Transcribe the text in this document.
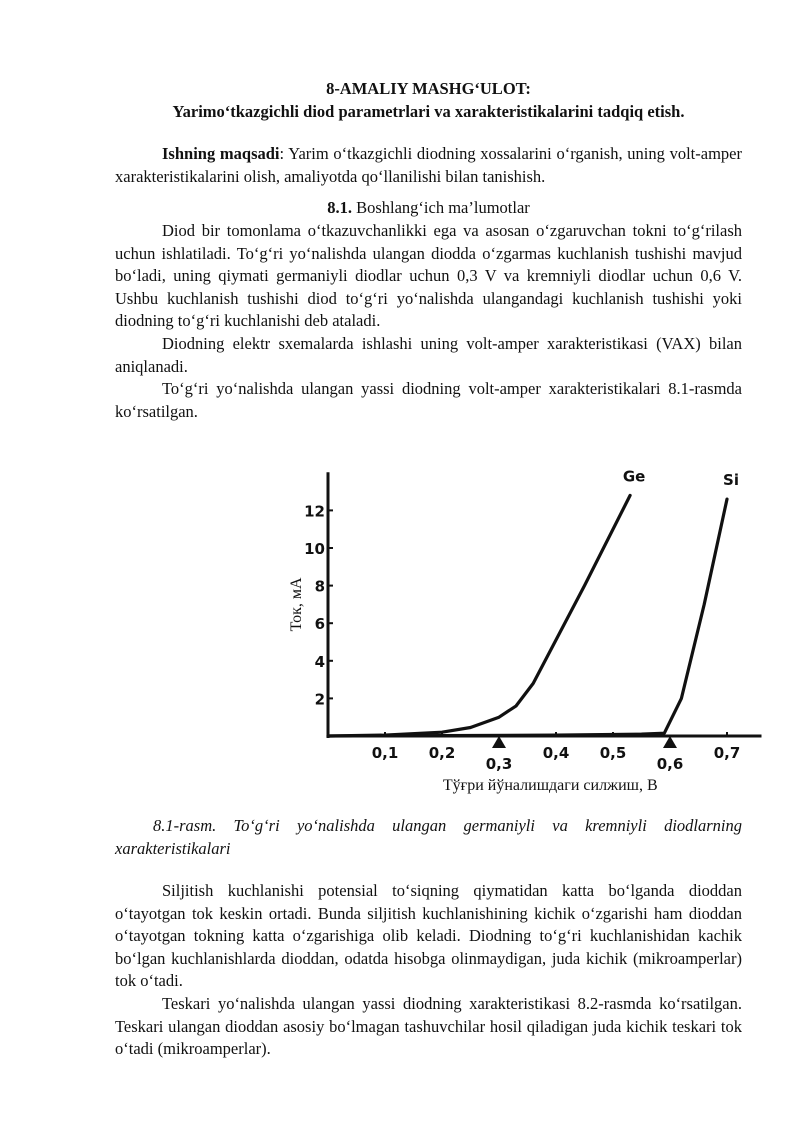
8-AMALIY MASHG‘ULOT:

Yarimo‘tkazgichli diod parametrlari va xarakteristikalarini tadqiq etish.

Ishning maqsadi: Yarim o‘tkazgichli diodning xossalarini o‘rganish, uning volt-amper xarakteristikalarini olish, amaliyotda qo‘llanilishi bilan tanishish.

8.1. Boshlang‘ich ma’lumotlar

Diod bir tomonlama o‘tkazuvchanlikki ega va asosan o‘zgaruvchan tokni to‘g‘rilash uchun ishlatiladi. To‘g‘ri yo‘nalishda ulangan diodda o‘zgarmas kuchlanish tushishi mavjud bo‘ladi, uning qiymati germaniyli diodlar uchun 0,3 V va kremniyli diodlar uchun 0,6 V. Ushbu kuchlanish tushishi diod to‘g‘ri yo‘nalishda ulangandagi kuchlanish tushishi yoki diodning to‘g‘ri kuchlanishi deb ataladi.

Diodning elektr sxemalarda ishlashi uning volt-amper xarakteristikasi (VAX) bilan aniqlanadi.

To‘g‘ri yo‘nalishda ulangan yassi diodning volt-amper xarakteristikalari 8.1-rasmda ko‘rsatilgan.

2
4
6
8
10
12
0,1 0,2
0,3
0,4 0,5
0,6
0,7
Ge	Si
Ток, мА
Тўғри йўналишдаги силжиш, В

8.1-rasm. To‘g‘ri yo‘nalishda ulangan germaniyli va kremniyli diodlarning xarakteristikalari

Siljitish kuchlanishi potensial to‘siqning qiymatidan katta bo‘lganda dioddan o‘tayotgan tok keskin ortadi. Bunda siljitish kuchlanishining kichik o‘zgarishi ham dioddan o‘tayotgan tokning katta o‘zgarishiga olib keladi. Diodning to‘g‘ri kuchlanishidan kachik bo‘lgan kuchlanishlarda dioddan, odatda hisobga olinmaydigan, juda kichik (mikroamperlar) tok o‘tadi.

Teskari yo‘nalishda ulangan yassi diodning xarakteristikasi 8.2-rasmda ko‘rsatilgan. Teskari ulangan dioddan asosiy bo‘lmagan tashuvchilar hosil qiladigan juda kichik teskari tok o‘tadi (mikroamperlar).
